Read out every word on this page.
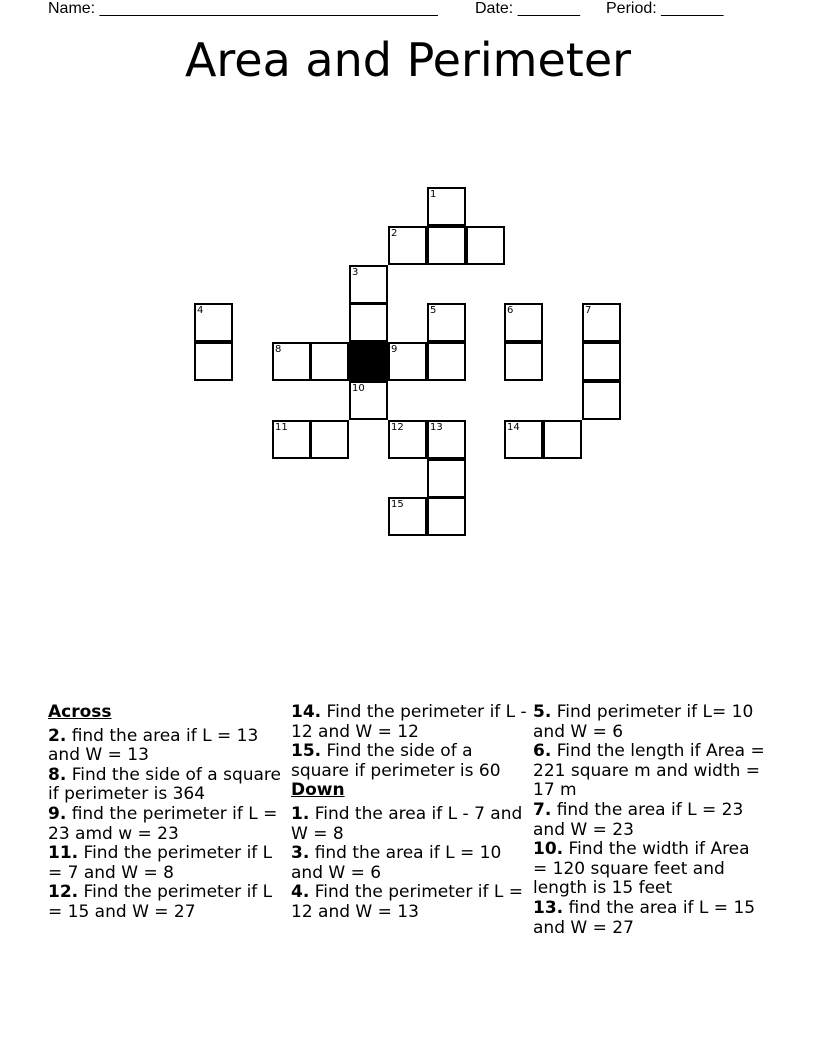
Name: ______________________________________ Date: _______ Period: _______
Area and Perimeter
1
2
3
4	5	6	7
8	9
10
11	12	13	14
15
Across
2. find the area if L = 13 and W = 13
8. Find the side of a square if perimeter is 364
9. find the perimeter if L = 23 amd w = 23
11. Find the perimeter if L = 7 and W = 8
12. Find the perimeter if L = 15 and W = 27
14. Find the perimeter if L - 12 and W = 12
15. Find the side of a square if perimeter is 60
Down
1. Find the area if L - 7 and W = 8
3. find the area if L = 10 and W = 6
4. Find the perimeter if L = 12 and W = 13
5. Find perimeter if L= 10 and W = 6
6. Find the length if Area = 221 square m and width = 17 m
7. find the area if L = 23 and W = 23
10. Find the width if Area = 120 square feet and length is 15 feet
13. find the area if L = 15 and W = 27
